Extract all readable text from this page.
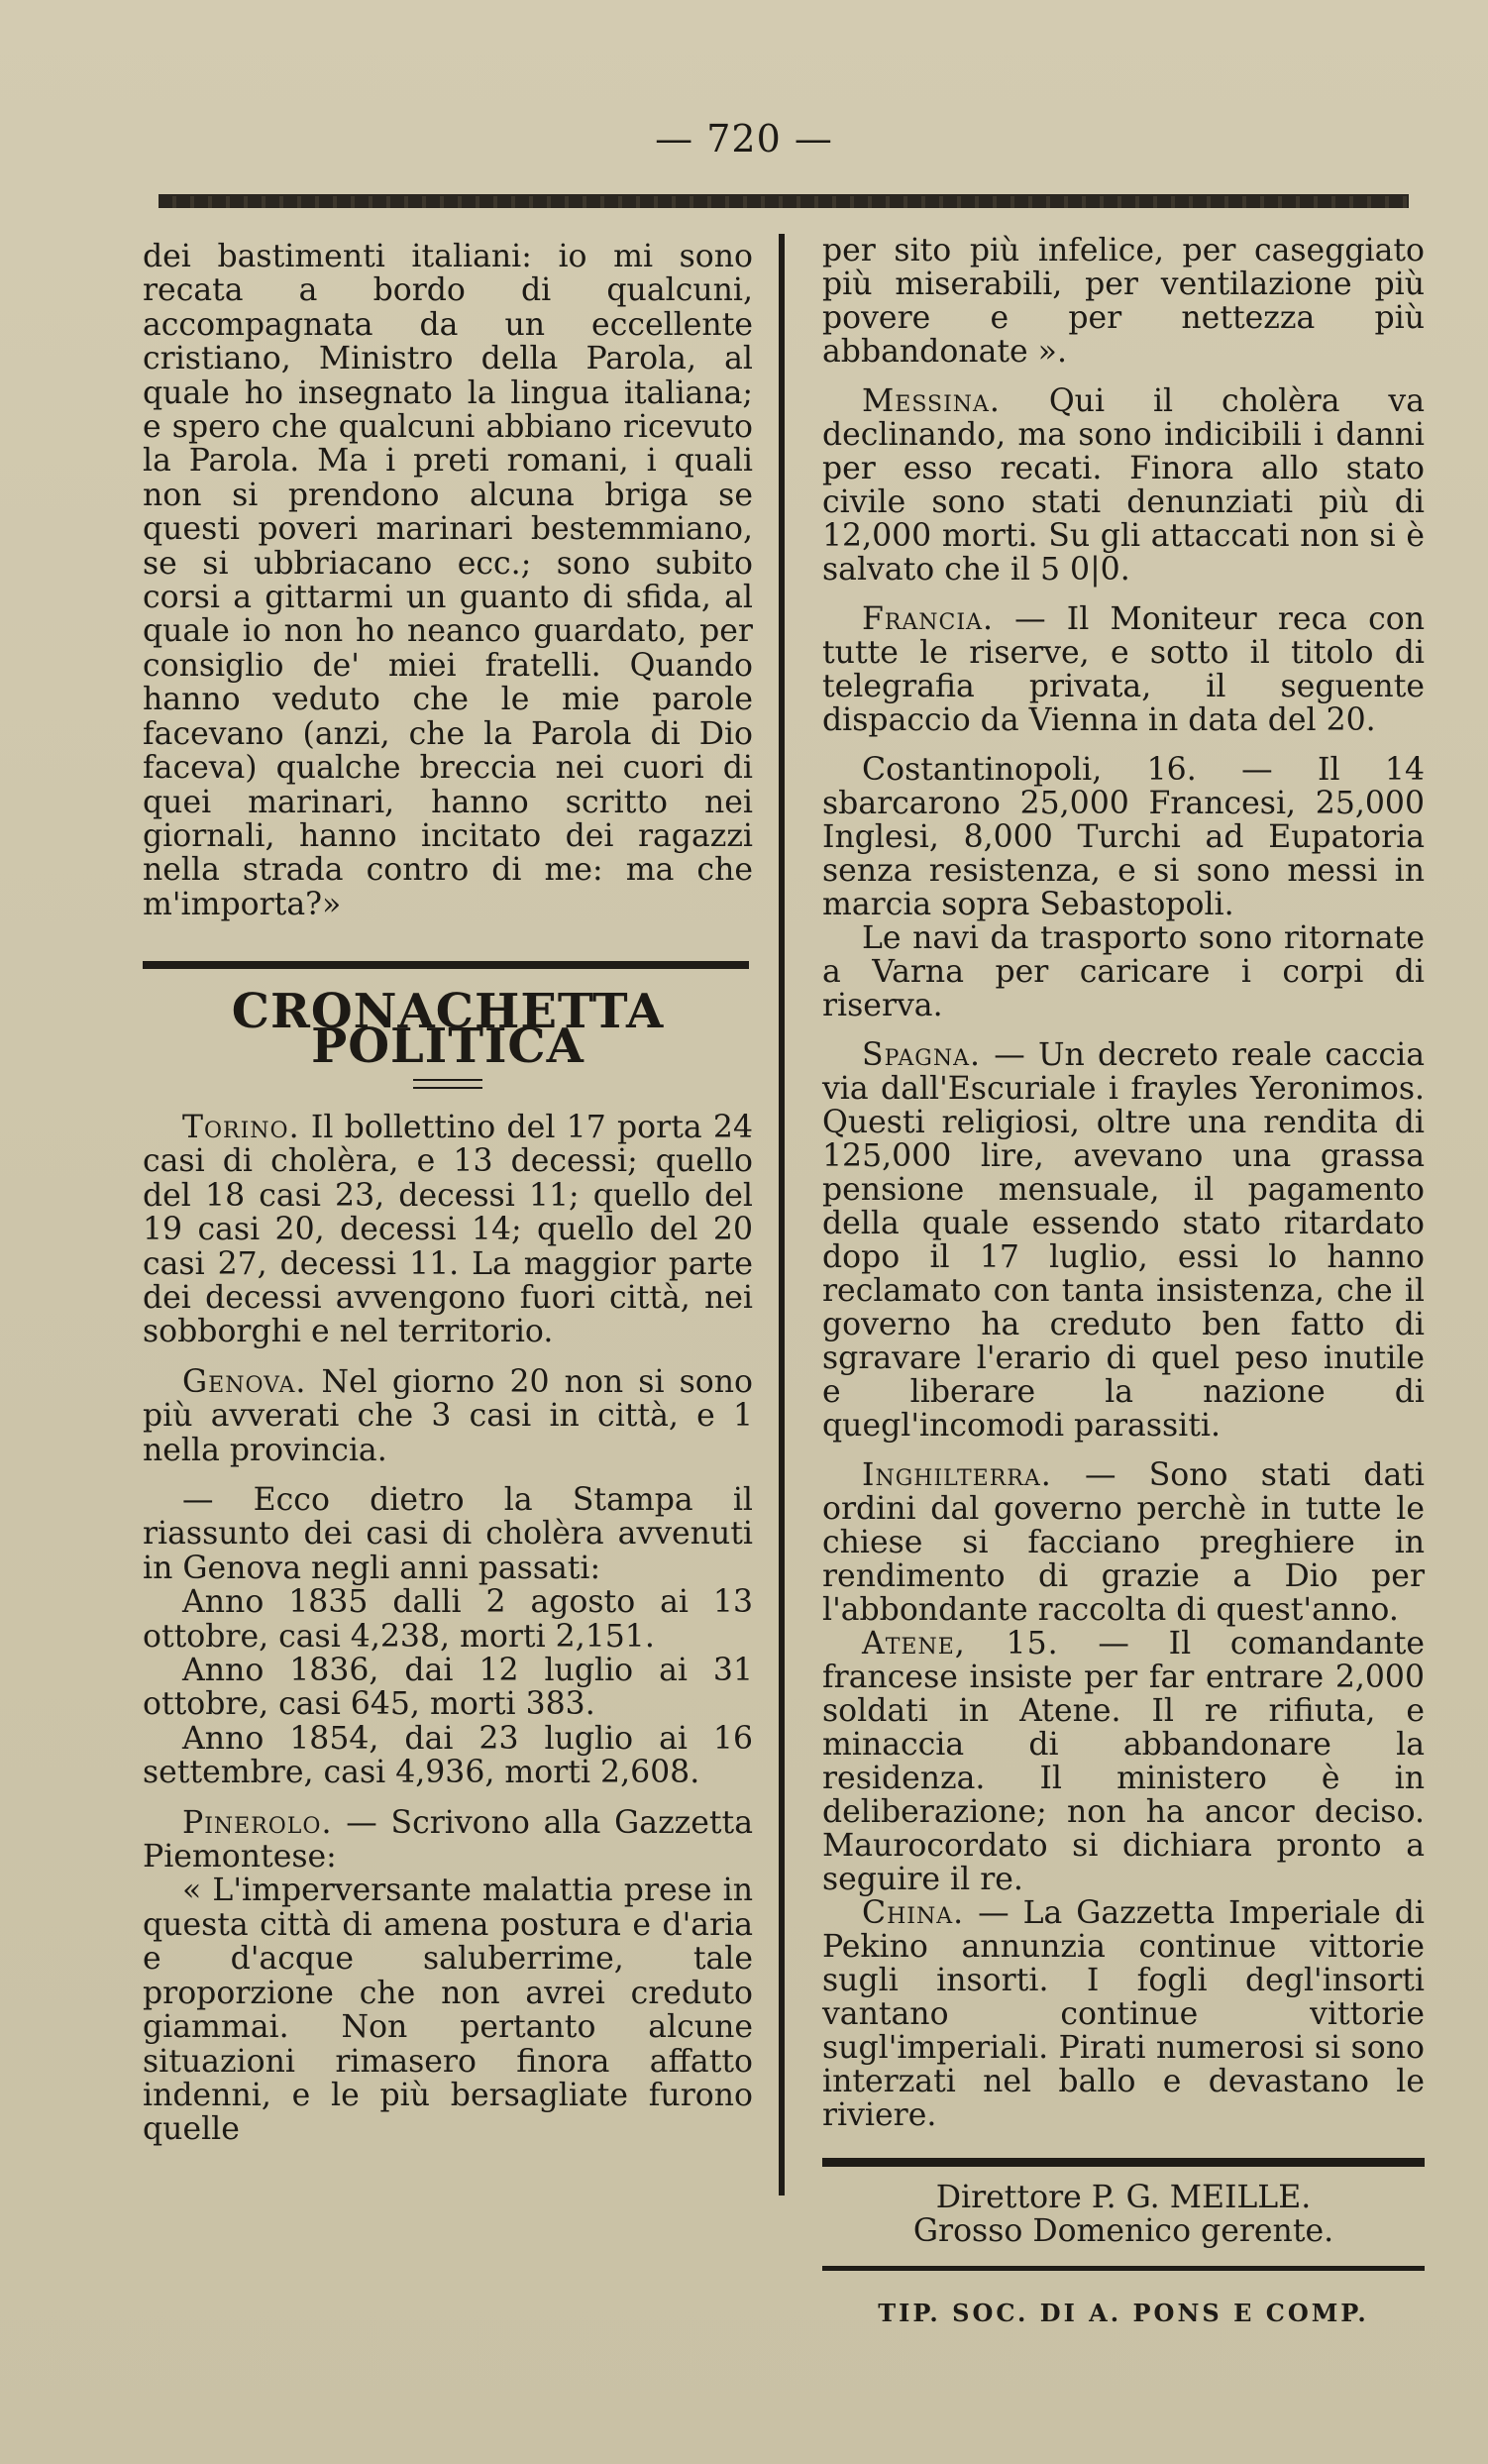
— 720 —

dei bastimenti italiani: io mi sono recata a bordo di qualcuni, accompagnata da un eccellente cristiano, Ministro della Parola, al quale ho insegnato la lingua italiana; e spero che qualcuni abbiano ricevuto la Parola. Ma i preti romani, i quali non si prendono alcuna briga se questi poveri marinari bestemmiano, se si ubbriacano ecc.; sono subito corsi a gittarmi un guanto di sfida, al quale io non ho neanco guardato, per consiglio de' miei fratelli. Quando hanno veduto che le mie parole facevano (anzi, che la Parola di Dio faceva) qualche breccia nei cuori di quei marinari, hanno scritto nei giornali, hanno incitato dei ragazzi nella strada contro di me: ma che m'importa?»

CRONACHETTA POLITICA

Torino. Il bollettino del 17 porta 24 casi di cholèra, e 13 decessi; quello del 18 casi 23, decessi 11; quello del 19 casi 20, decessi 14; quello del 20 casi 27, decessi 11. La maggior parte dei decessi avvengono fuori città, nei sobborghi e nel territorio.

Genova. Nel giorno 20 non si sono più avverati che 3 casi in città, e 1 nella provincia.

— Ecco dietro la Stampa il riassunto dei casi di cholèra avvenuti in Genova negli anni passati:

Anno 1835 dalli 2 agosto ai 13 ottobre, casi 4,238, morti 2,151.

Anno 1836, dai 12 luglio ai 31 ottobre, casi 645, morti 383.

Anno 1854, dai 23 luglio ai 16 settembre, casi 4,936, morti 2,608.

Pinerolo. — Scrivono alla Gazzetta Piemontese:

« L'imperversante malattia prese in questa città di amena postura e d'aria e d'acque saluberrime, tale proporzione che non avrei creduto giammai. Non pertanto alcune situazioni rimasero finora affatto indenni, e le più bersagliate furono quelle

per sito più infelice, per caseggiato più miserabili, per ventilazione più povere e per nettezza più abbandonate ».

Messina. Qui il cholèra va declinando, ma sono indicibili i danni per esso recati. Finora allo stato civile sono stati denunziati più di 12,000 morti. Su gli attaccati non si è salvato che il 5 0|0.

Francia. — Il Moniteur reca con tutte le riserve, e sotto il titolo di telegrafia privata, il seguente dispaccio da Vienna in data del 20.

Costantinopoli, 16. — Il 14 sbarcarono 25,000 Francesi, 25,000 Inglesi, 8,000 Turchi ad Eupatoria senza resistenza, e si sono messi in marcia sopra Sebastopoli.

Le navi da trasporto sono ritornate a Varna per caricare i corpi di riserva.

Spagna. — Un decreto reale caccia via dall'Escuriale i frayles Yeronimos. Questi religiosi, oltre una rendita di 125,000 lire, avevano una grassa pensione mensuale, il pagamento della quale essendo stato ritardato dopo il 17 luglio, essi lo hanno reclamato con tanta insistenza, che il governo ha creduto ben fatto di sgravare l'erario di quel peso inutile e liberare la nazione di quegl'incomodi parassiti.

Inghilterra. — Sono stati dati ordini dal governo perchè in tutte le chiese si facciano preghiere in rendimento di grazie a Dio per l'abbondante raccolta di quest'anno.

Atene, 15. — Il comandante francese insiste per far entrare 2,000 soldati in Atene. Il re rifiuta, e minaccia di abbandonare la residenza. Il ministero è in deliberazione; non ha ancor deciso. Maurocordato si dichiara pronto a seguire il re.

China. — La Gazzetta Imperiale di Pekino annunzia continue vittorie sugli insorti. I fogli degl'insorti vantano continue vittorie sugl'imperiali. Pirati numerosi si sono interzati nel ballo e devastano le riviere.

Direttore P. G. MEILLE.

Grosso Domenico gerente.

TIP. SOC. DI A. PONS E COMP.
